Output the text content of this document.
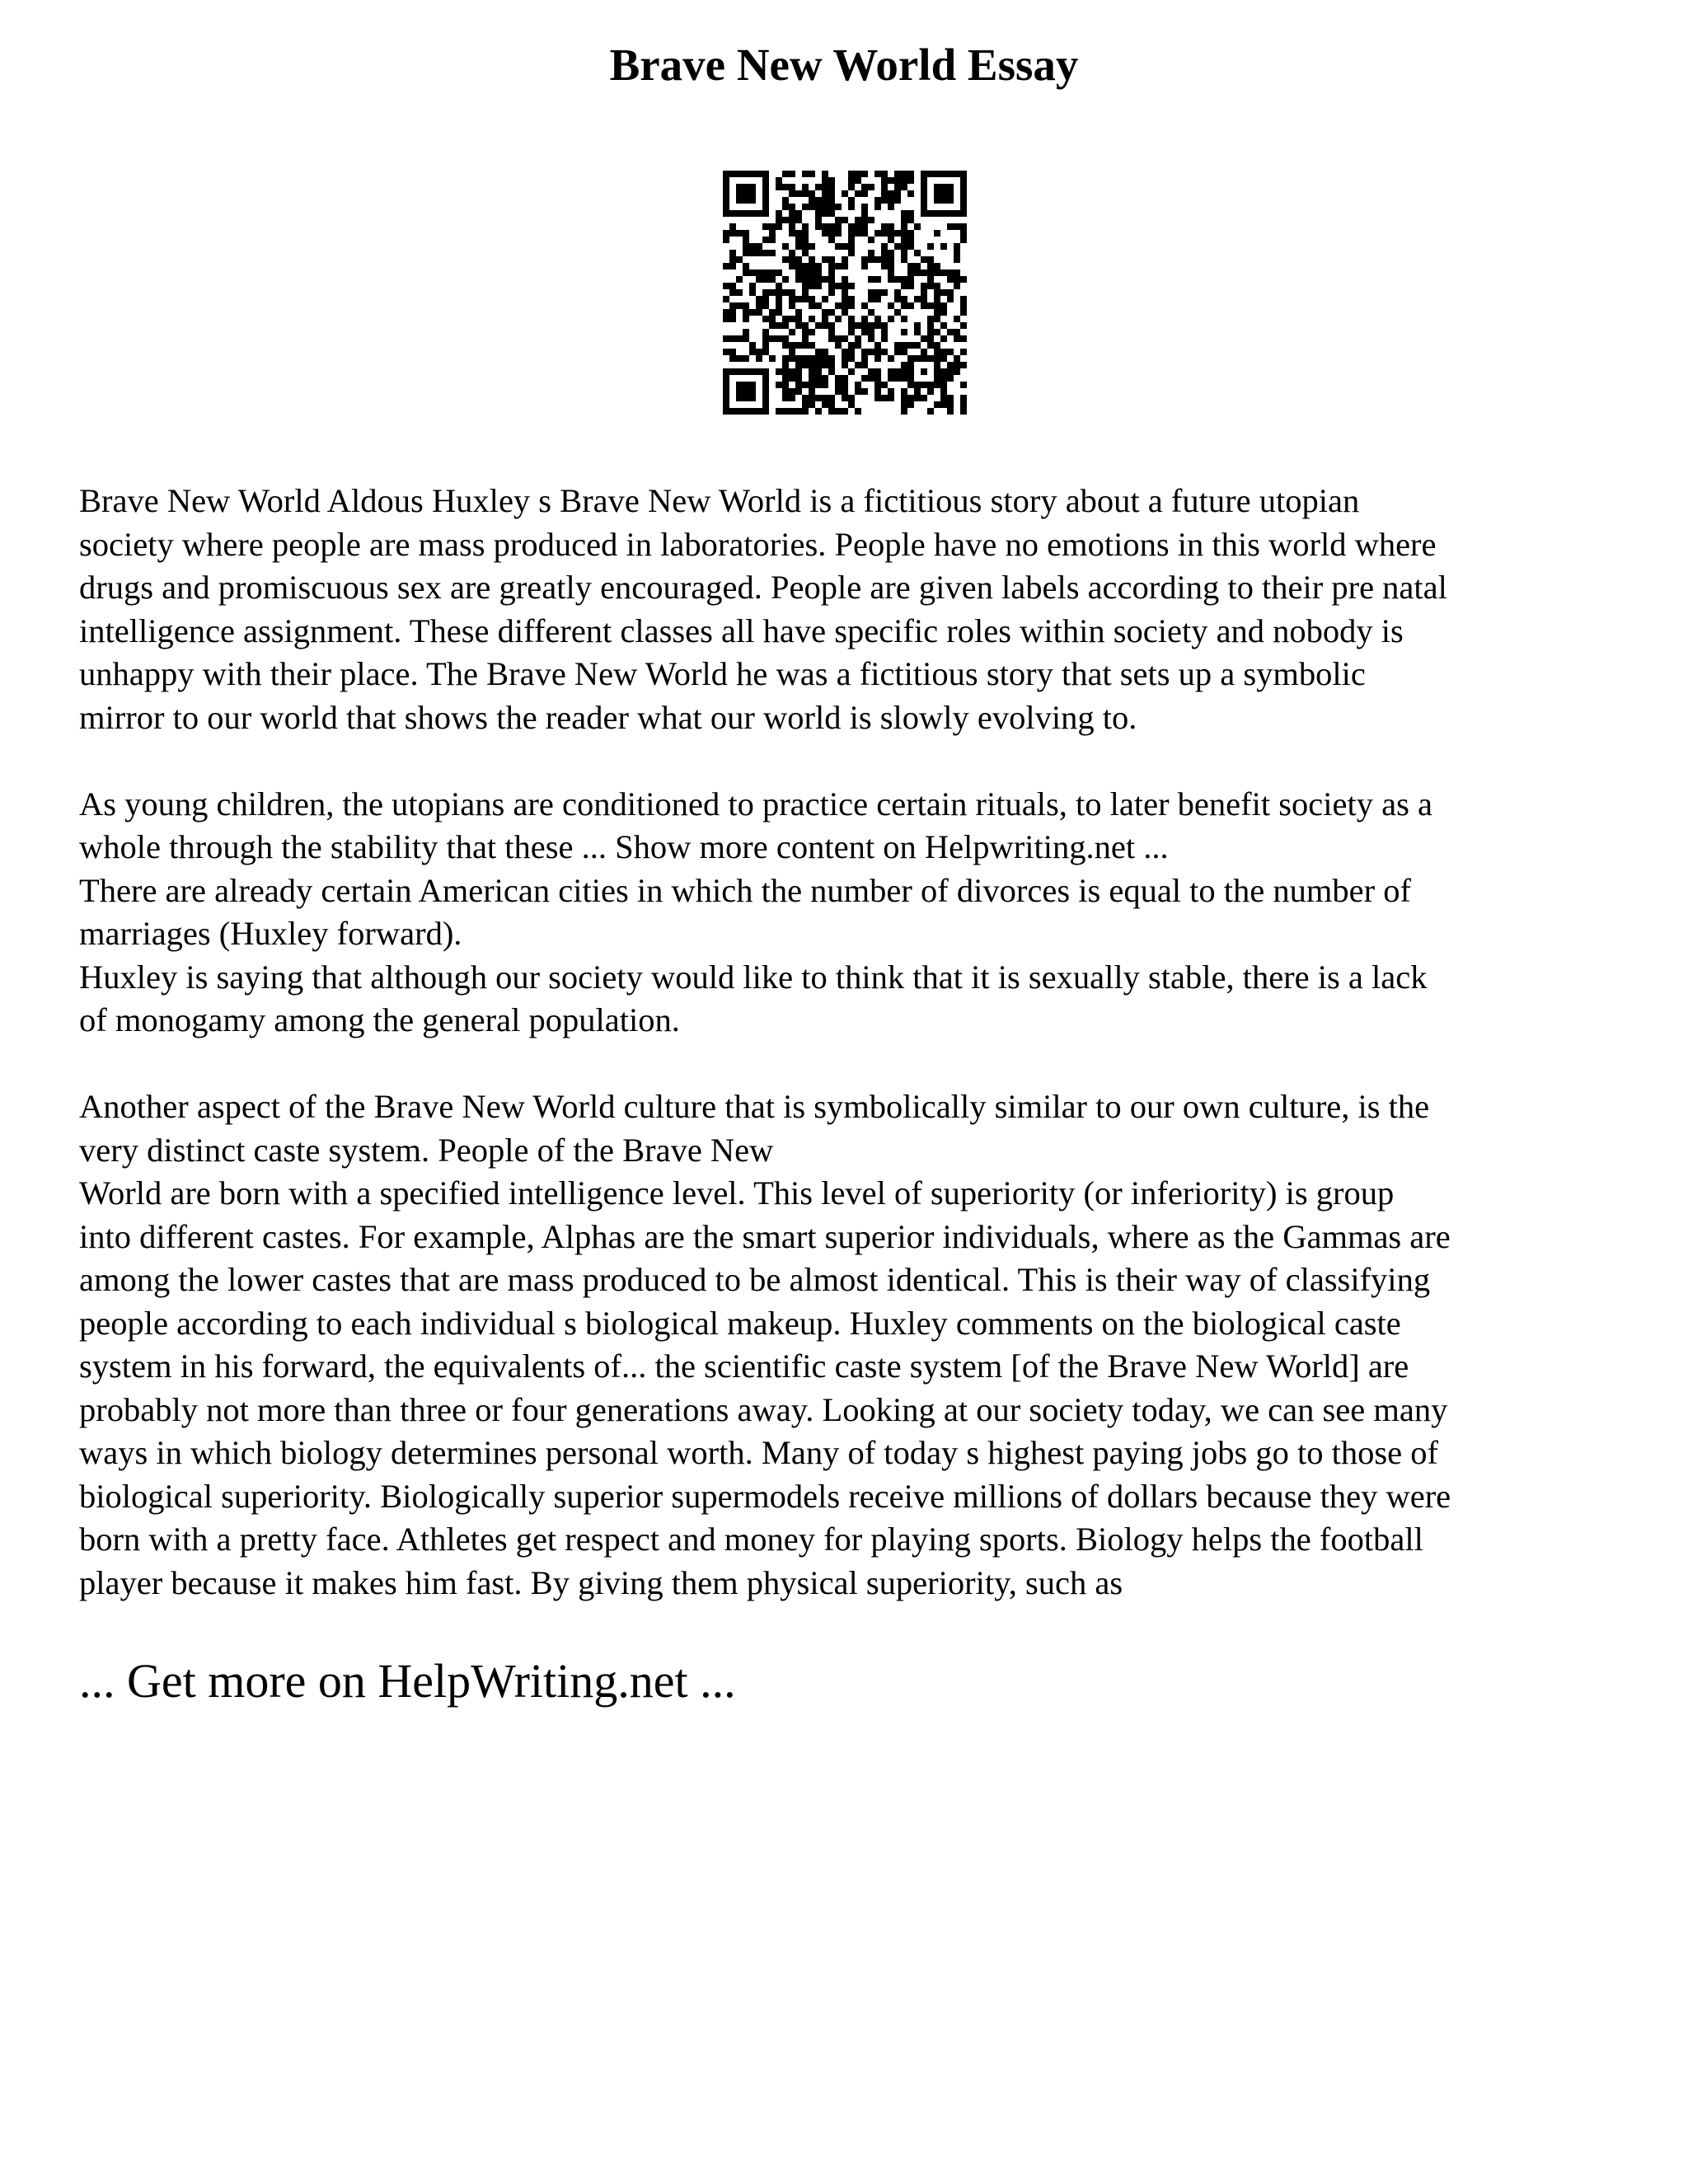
Brave New World Essay

Brave New World Aldous Huxley s Brave New World is a fictitious story about a future utopian

society where people are mass produced in laboratories. People have no emotions in this world where

drugs and promiscuous sex are greatly encouraged. People are given labels according to their pre natal

intelligence assignment. These different classes all have specific roles within society and nobody is

unhappy with their place. The Brave New World he was a fictitious story that sets up a symbolic

mirror to our world that shows the reader what our world is slowly evolving to.

As young children, the utopians are conditioned to practice certain rituals, to later benefit society as a

whole through the stability that these ... Show more content on Helpwriting.net ...

There are already certain American cities in which the number of divorces is equal to the number of

marriages (Huxley forward).

Huxley is saying that although our society would like to think that it is sexually stable, there is a lack

of monogamy among the general population.

Another aspect of the Brave New World culture that is symbolically similar to our own culture, is the

very distinct caste system. People of the Brave New

World are born with a specified intelligence level. This level of superiority (or inferiority) is group

into different castes. For example, Alphas are the smart superior individuals, where as the Gammas are

among the lower castes that are mass produced to be almost identical. This is their way of classifying

people according to each individual s biological makeup. Huxley comments on the biological caste

system in his forward, the equivalents of... the scientific caste system [of the Brave New World] are

probably not more than three or four generations away. Looking at our society today, we can see many

ways in which biology determines personal worth. Many of today s highest paying jobs go to those of

biological superiority. Biologically superior supermodels receive millions of dollars because they were

born with a pretty face. Athletes get respect and money for playing sports. Biology helps the football

player because it makes him fast. By giving them physical superiority, such as

... Get more on HelpWriting.net ...
